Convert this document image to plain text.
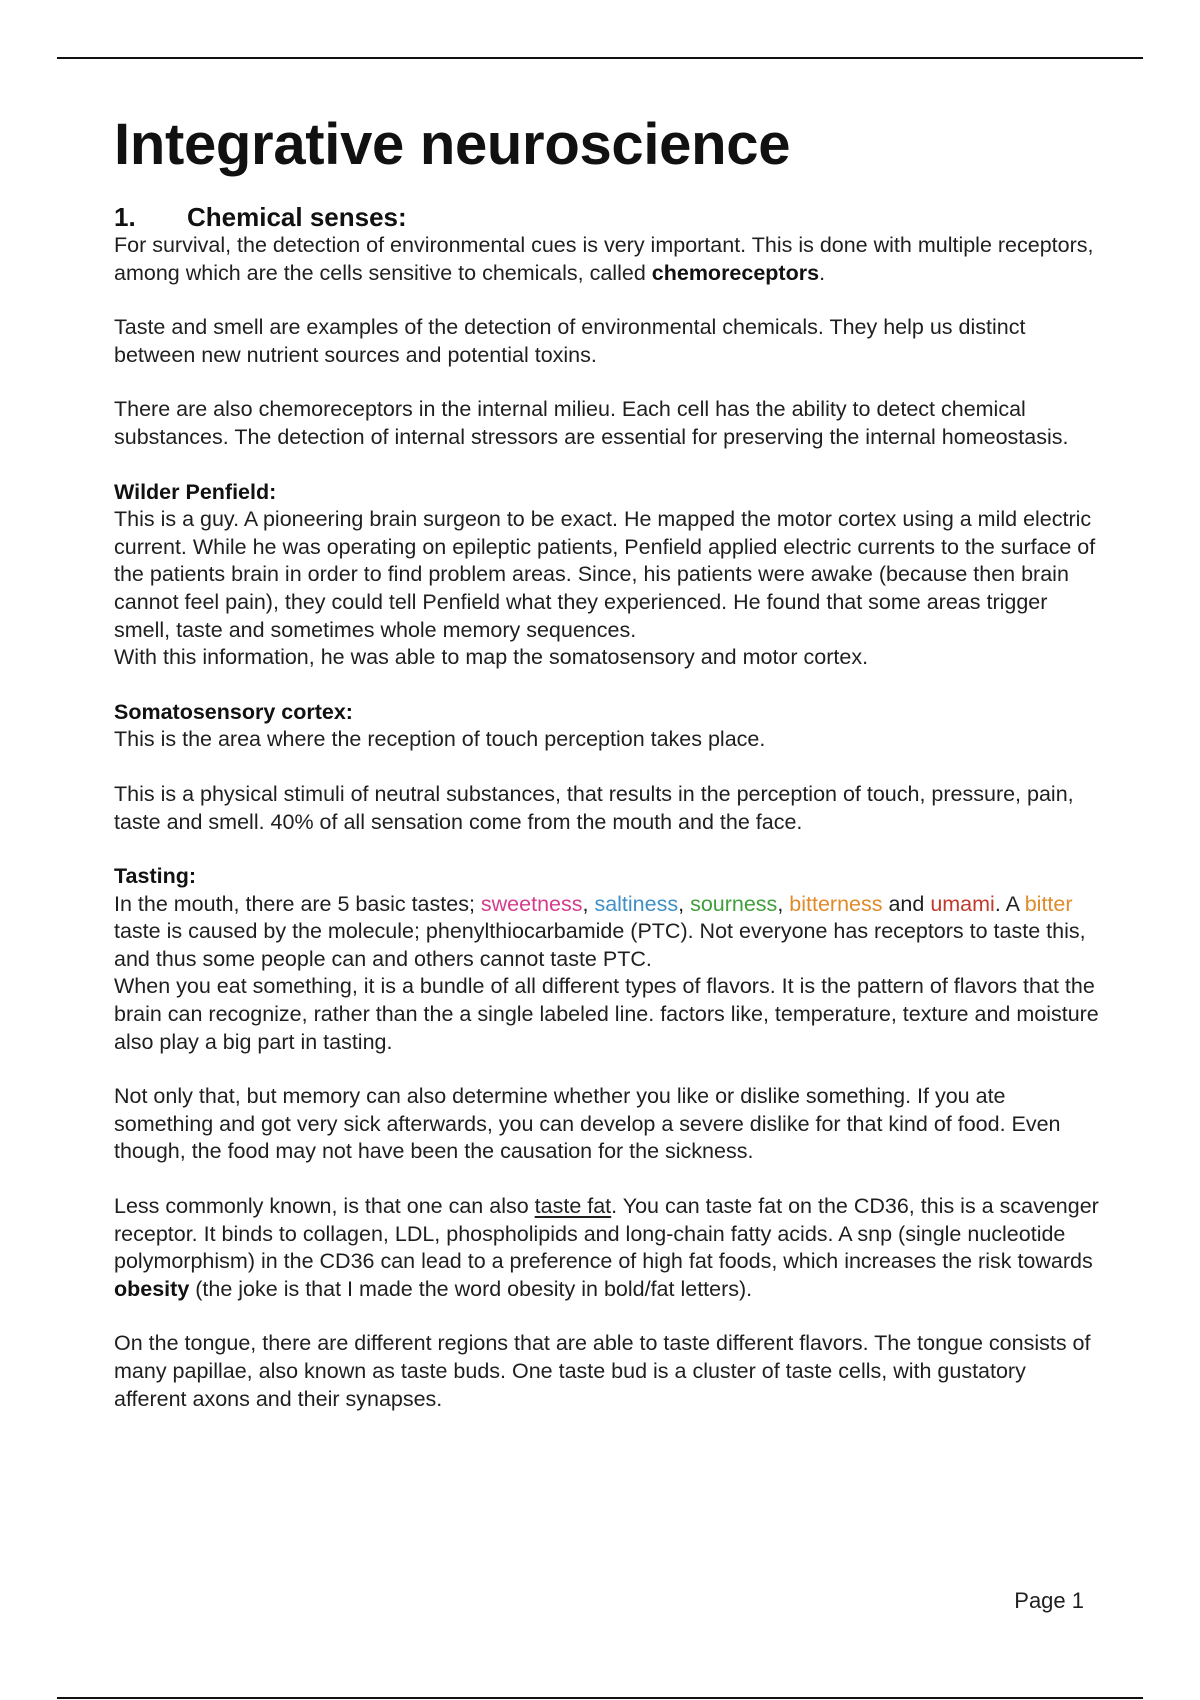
Integrative neuroscience
1. Chemical senses:

For survival, the detection of environmental cues is very important. This is done with multiple receptors, among which are the cells sensitive to chemicals, called chemoreceptors.

Taste and smell are examples of the detection of environmental chemicals. They help us distinct between new nutrient sources and potential toxins.

There are also chemoreceptors in the internal milieu. Each cell has the ability to detect chemical substances. The detection of internal stressors are essential for preserving the internal homeostasis.

Wilder Penfield:

This is a guy. A pioneering brain surgeon to be exact. He mapped the motor cortex using a mild electric current. While he was operating on epileptic patients, Penfield applied electric currents to the surface of the patients brain in order to find problem areas. Since, his patients were awake (because then brain cannot feel pain), they could tell Penfield what they experienced. He found that some areas trigger smell, taste and sometimes whole memory sequences.

With this information, he was able to map the somatosensory and motor cortex.

Somatosensory cortex:

This is the area where the reception of touch perception takes place.

This is a physical stimuli of neutral substances, that results in the perception of touch, pressure, pain, taste and smell. 40% of all sensation come from the mouth and the face.

Tasting:

In the mouth, there are 5 basic tastes; sweetness, saltiness, sourness, bitterness and umami. A bitter taste is caused by the molecule; phenylthiocarbamide (PTC). Not everyone has receptors to taste this, and thus some people can and others cannot taste PTC.

When you eat something, it is a bundle of all different types of flavors. It is the pattern of flavors that the brain can recognize, rather than the a single labeled line. factors like, temperature, texture and moisture also play a big part in tasting.

Not only that, but memory can also determine whether you like or dislike something. If you ate something and got very sick afterwards, you can develop a severe dislike for that kind of food. Even though, the food may not have been the causation for the sickness.

Less commonly known, is that one can also taste fat. You can taste fat on the CD36, this is a scavenger receptor. It binds to collagen, LDL, phospholipids and long-chain fatty acids. A snp (single nucleotide polymorphism) in the CD36 can lead to a preference of high fat foods, which increases the risk towards obesity (the joke is that I made the word obesity in bold/fat letters).

On the tongue, there are different regions that are able to taste different flavors. The tongue consists of many papillae, also known as taste buds. One taste bud is a cluster of taste cells, with gustatory afferent axons and their synapses.

Page 1
